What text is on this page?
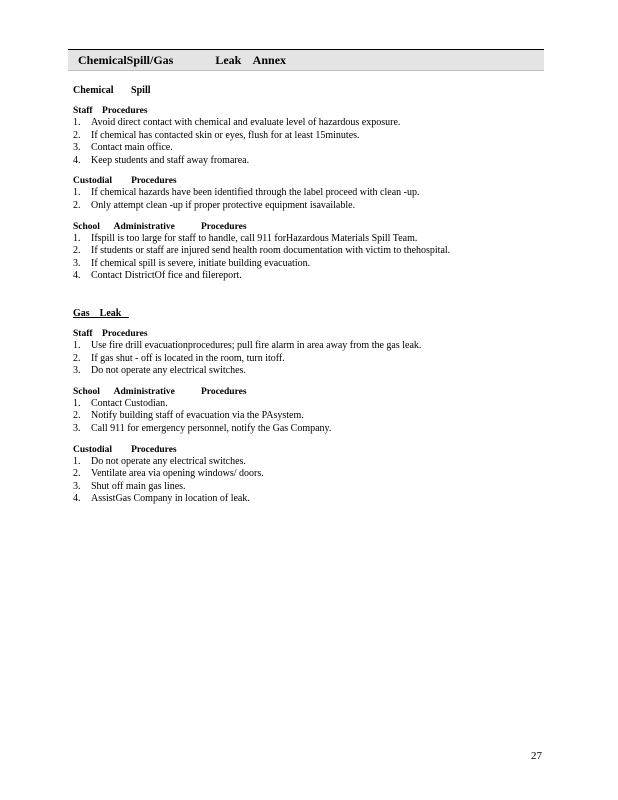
ChemicalSpill/Gas              Leak    Annex
Chemical       Spill
Staff    Procedures
1. Avoid direct contact with chemical and evaluate level of hazardous exposure.
2. If chemical has contacted skin or eyes, flush for at least 15minutes.
3. Contact main office.
4. Keep students and staff away fromarea.
Custodial        Procedures
1. If chemical hazards have been identified through the label proceed with clean -up.
2. Only attempt clean -up if proper protective equipment isavailable.
School      Administrative           Procedures
1. Ifspill is too large for staff to handle, call 911 forHazardous Materials Spill Team.
2. If students or staff are injured send health room documentation with victim to thehospital.
3. If chemical spill is severe, initiate building evacuation.
4. Contact DistrictOf fice and filereport.
Gas    Leak
Staff    Procedures
1. Use fire drill evacuationprocedures; pull fire alarm in area away from the gas leak.
2. If gas shut - off is located in the room, turn itoff.
3. Do not operate any electrical switches.
School      Administrative           Procedures
1. Contact Custodian.
2. Notify building staff of evacuation via the PAsystem.
3. Call 911 for emergency personnel, notify the Gas Company.
Custodial        Procedures
1. Do not operate any electrical switches.
2. Ventilate area via opening windows/ doors.
3. Shut off main gas lines.
4. AssistGas Company in location of leak.
27
